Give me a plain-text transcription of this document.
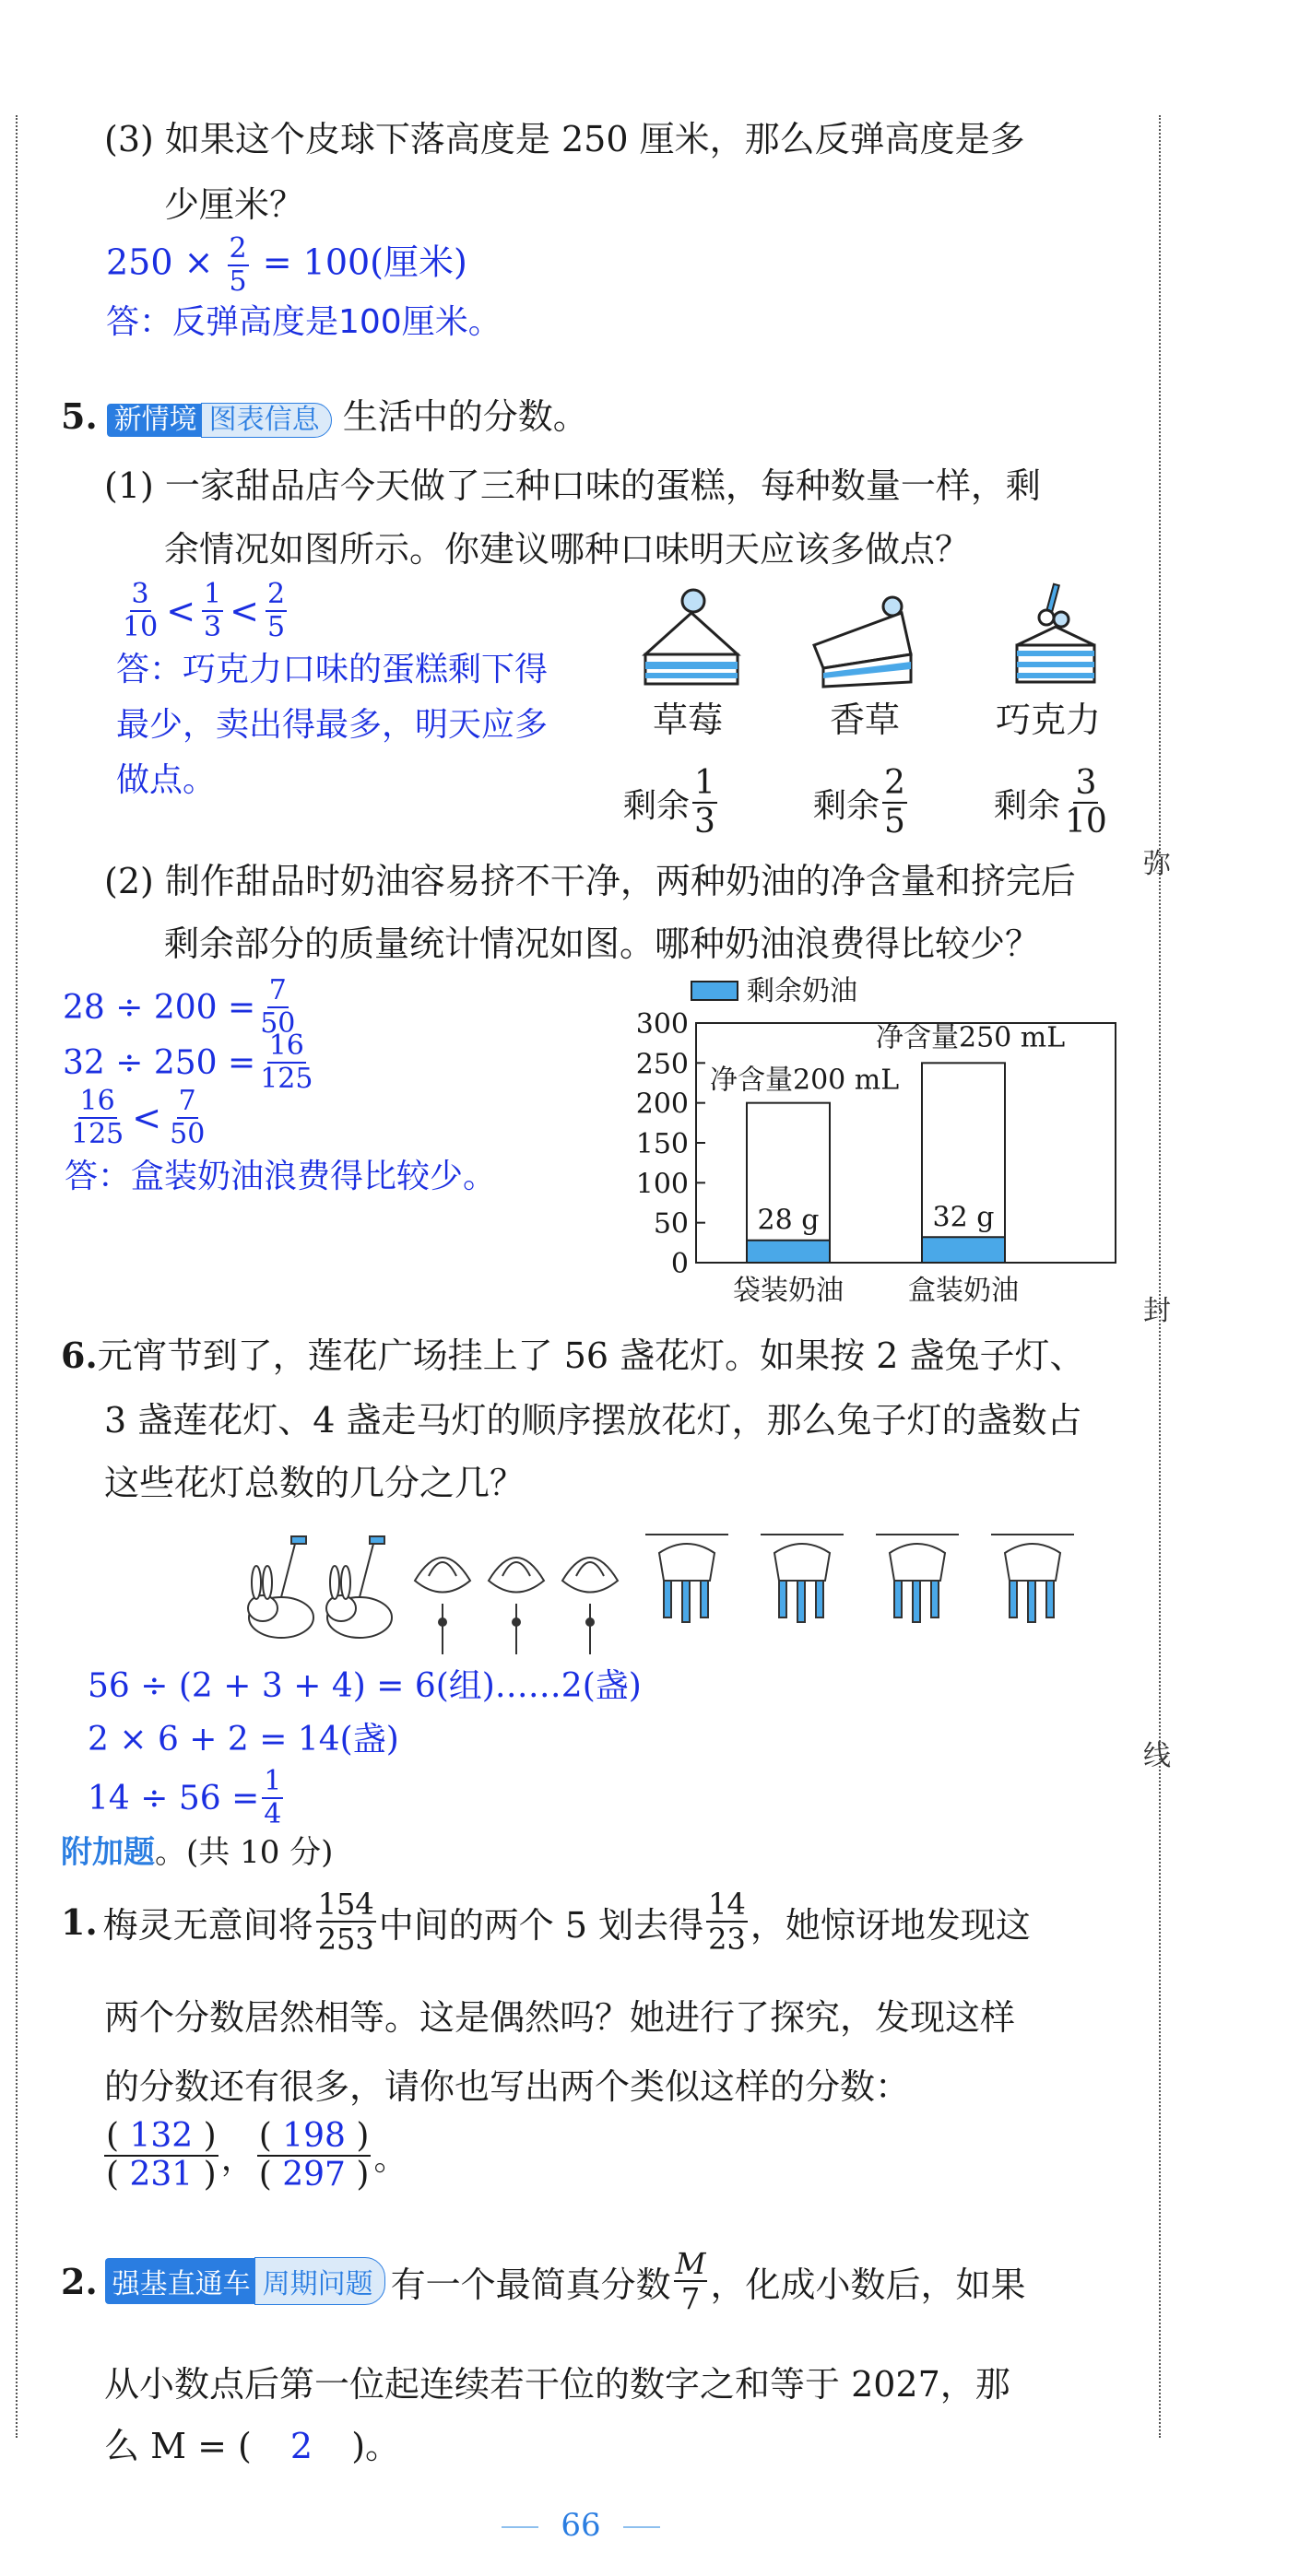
弥
封
线
(3) 如果这个皮球下落高度是 250 厘米，那么反弹高度是多
少厘米？
$250 \times \frac{2}{5} = 100$(厘米)
答：反弹高度是100厘米。
5. 新情境 图表信息 生活中的分数。
(1) 一家甜品店今天做了三种口味的蛋糕，每种数量一样，剩
余情况如图所示。你建议哪种口味明天应该多做点？
$\frac{3}{10} < \frac{1}{3} < \frac{2}{5}$
答：巧克力口味的蛋糕剩下得
最少，卖出得最多，明天应多
做点。
草莓	香草	巧克力
剩余 $\frac{1}{3}$	剩余 $\frac{2}{5}$	剩余 $\frac{3}{10}$
(2) 制作甜品时奶油容易挤不干净，两种奶油的净含量和挤完后
剩余部分的质量统计情况如图。哪种奶油浪费得比较少？
$28 \div 200 = \frac{7}{50}$
$32 \div 250 = \frac{16}{125}$
$\frac{16}{125} < \frac{7}{50}$
答：盒装奶油浪费得比较少。
剩余奶油
0
50
100
150
200
250
300
28 g
袋装奶油
32 g
盒装奶油
净含量200 mL
净含量250 mL
6.元宵节到了，莲花广场挂上了 56 盏花灯。如果按 2 盏兔子灯、
3 盏莲花灯、4 盏走马灯的顺序摆放花灯，那么兔子灯的盏数占
这些花灯总数的几分之几？
56 ÷ (2 + 3 + 4) = 6(组)……2(盏)
2 × 6 + 2 = 14(盏)
$14 \div 56 = \frac{1}{4}$
附加题。(共 10 分)
1. 梅灵无意间将 $\frac{154}{253}$ 中间的两个 5 划去得 $\frac{14}{23}$ ，她惊讶地发现这
两个分数居然相等。这是偶然吗？她进行了探究，发现这样
的分数还有很多，请你也写出两个类似这样的分数：
$\frac{( 132 )}{( 231 )}$ ， $\frac{( 198 )}{( 297 )}$ 。
2. 强基直通车 周期问题 有一个最简真分数 $\frac{M}{7}$ ，化成小数后，如果
从小数点后第一位起连续若干位的数字之和等于 2027，那
么 M = ( 2 )。
66
